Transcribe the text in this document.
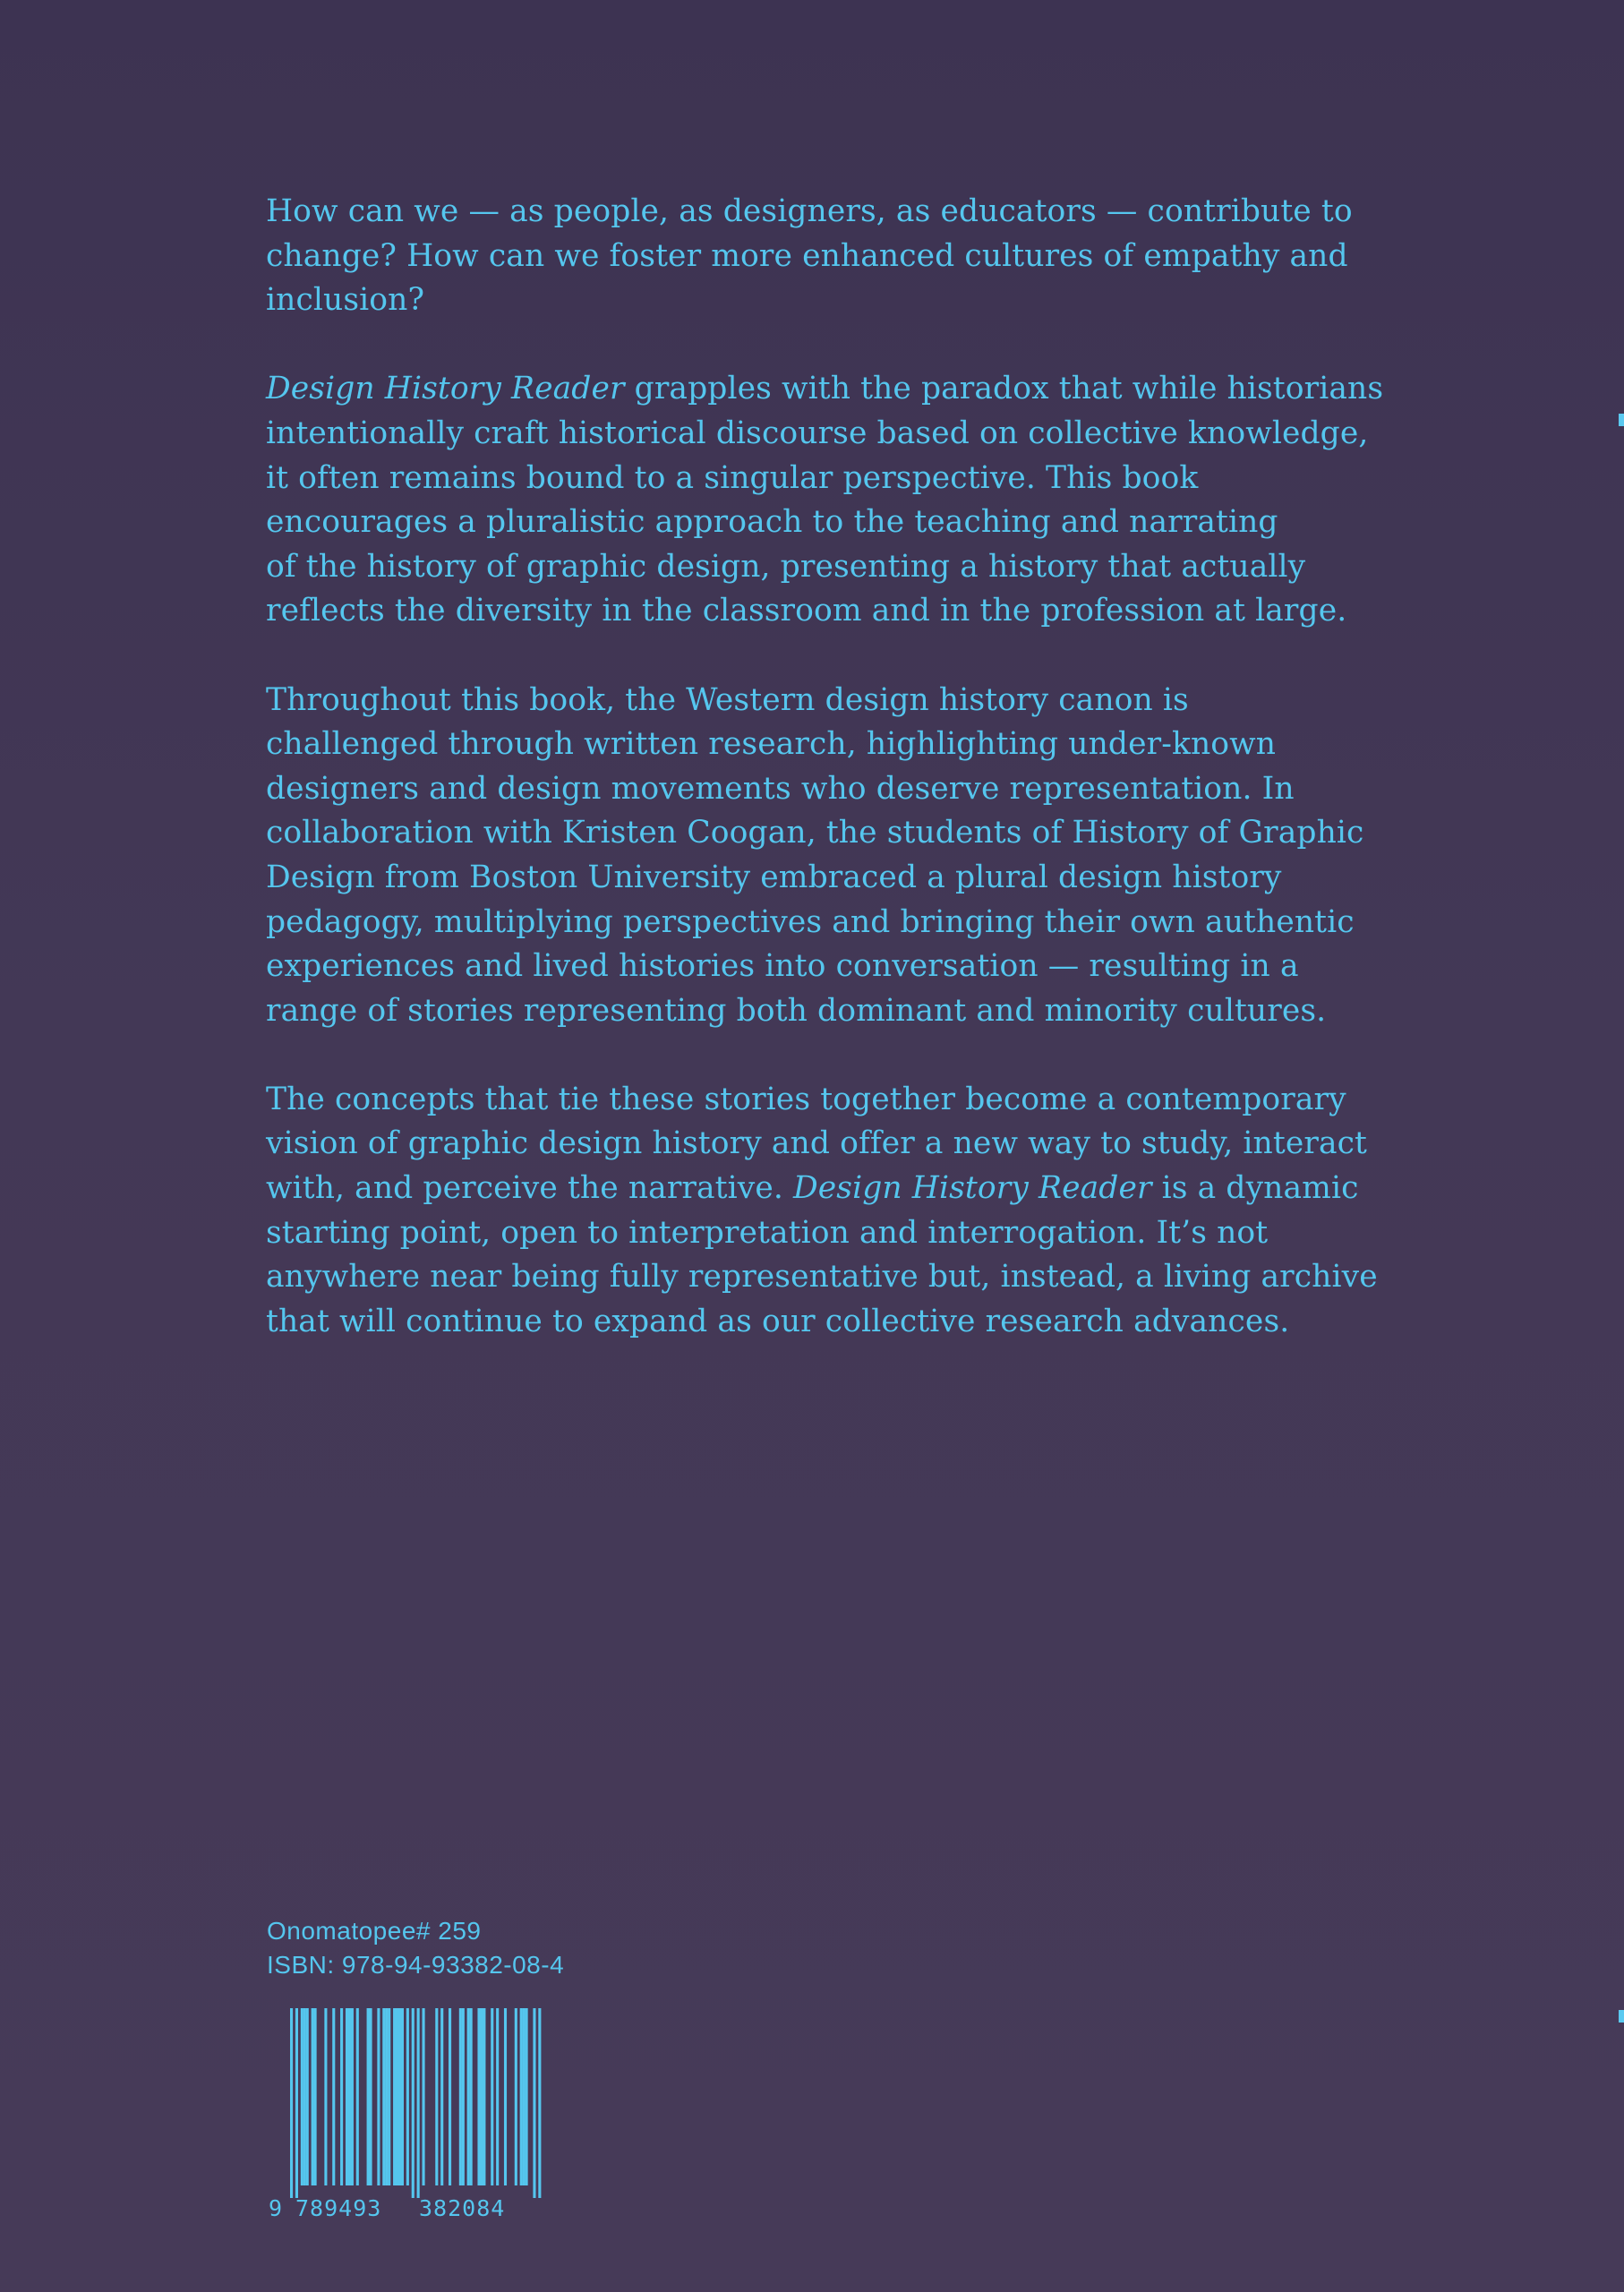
How can we — as people, as designers, as educators — contribute to
change? How can we foster more enhanced cultures of empathy and
inclusion?

Design History Reader grapples with the paradox that while historians
intentionally craft historical discourse based on collective knowledge,
it often remains bound to a singular perspective. This book
encourages a pluralistic approach to the teaching and narrating
of the history of graphic design, presenting a history that actually
reflects the diversity in the classroom and in the profession at large.

Throughout this book, the Western design history canon is
challenged through written research, highlighting under-known
designers and design movements who deserve representation. In
collaboration with Kristen Coogan, the students of History of Graphic
Design from Boston University embraced a plural design history
pedagogy, multiplying perspectives and bringing their own authentic
experiences and lived histories into conversation — resulting in a
range of stories representing both dominant and minority cultures.

The concepts that tie these stories together become a contemporary
vision of graphic design history and offer a new way to study, interact
with, and perceive the narrative. Design History Reader is a dynamic
starting point, open to interpretation and interrogation. It’s not
anywhere near being fully representative but, instead, a living archive
that will continue to expand as our collective research advances.

Onomatopee# 259
ISBN: 978-94-93382-08-4
9 789493 382084
